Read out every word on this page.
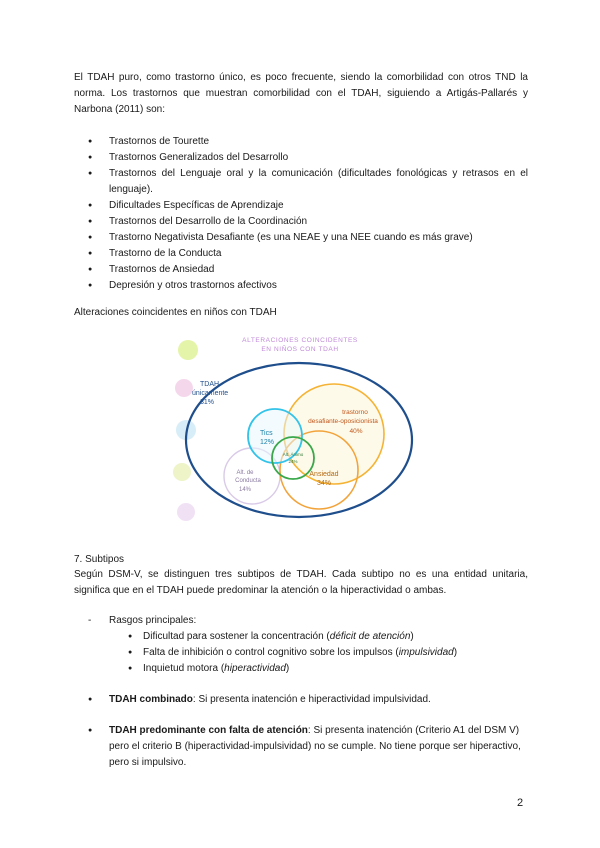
El TDAH puro, como trastorno único, es poco frecuente, siendo la comorbilidad con otros TND la norma. Los trastornos que muestran comorbilidad con el TDAH, siguiendo a Artigás-Pallarés y Narbona (2011) son:

● Trastornos de Tourette
● Trastornos Generalizados del Desarrollo
● Trastornos del Lenguaje oral y la comunicación (dificultades fonológicas y retrasos en el lenguaje).
● Dificultades Específicas de Aprendizaje
● Trastornos del Desarrollo de la Coordinación
● Trastorno Negativista Desafiante (es una NEAE y una NEE cuando es más grave)
● Trastorno de la Conducta
● Trastornos de Ansiedad
● Depresión y otros trastornos afectivos

Alteraciones coincidentes en niños con TDAH

ALTERACIONES COINCIDENTES
EN NIÑOS CON TDAH
TDAH
únicamente
31%
trastorno
desafiante-oposicionista
40%
Tics
12%
Alt. Ánimo
24%
Ansiedad
34%
Alt. de
Conducta
14%

7. Subtipos

Según DSM-V, se distinguen tres subtipos de TDAH. Cada subtipo no es una entidad unitaria, significa que en el TDAH puede predominar la atención o la hiperactividad o ambas.

- Rasgos principales:
● Dificultad para sostener la concentración (déficit de atención)
● Falta de inhibición o control cognitivo sobre los impulsos (impulsividad)
● Inquietud motora (hiperactividad)
●	TDAH combinado: Si presenta inatención e hiperactividad impulsividad.
●	TDAH predominante con falta de atención: Si presenta inatención (Criterio A1 del DSM V) pero el criterio B (hiperactividad-impulsividad) no se cumple. No tiene porque ser hiperactivo, pero si impulsivo.
2
